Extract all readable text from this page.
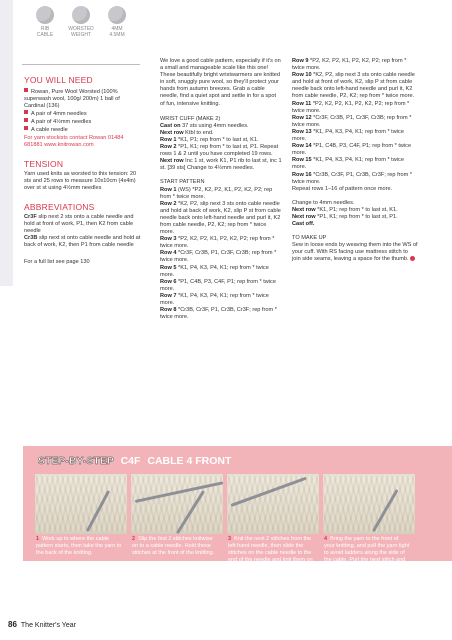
RIB
CABLE
WORSTED
WEIGHT
4MM
4.5MM
YOU WILL NEED
Rowan, Pure Wool Worsted (100% superwash wool, 100g/ 200m) 1 ball of Cardinal (136)
A pair of 4mm needles
A pair of 4½mm needles
A cable needle
For yarn stockists contact Rowan 01484 681881 www.knitrowan.com
TENSION
Yarn used knits as worsted to this tension: 20 sts and 25 rows to measure 10x10cm (4x4in) over st st using 4½mm needles
ABBREVIATIONS
Cr3F slip next 2 sts onto a cable needle and hold at front of work, P1, then K2 from cable needle
Cr3B slip next st onto cable needle and hold at back of work, K2, then P1 from cable needle
For a full list see page 130

We love a good cable pattern, especially if it's on a small and manageable scale like this one! These beautifully bright wristwarmers are knitted in soft, snuggly pure wool, so they'll protect your hands from autumn breezes. Grab a cable needle, find a quiet spot and settle in for a spot of fun, intensive knitting.

WRIST CUFF (MAKE 2)
Cast on 37 sts using 4mm needles.
Next row Ktbl to end.
Row 1 *K1, P1; rep from * to last st, K1.
Row 2 *P1, K1; rep from * to last st, P1. Repeat rows 1 & 2 until you have completed 19 rows.
Next row Inc 1 st, work K1, P1 rib to last st, inc 1 st. [39 sts] Change to 4½mm needles.
START PATTERN
Row 1 (WS) *P2, K2, P2, K1, P2, K2, P2; rep from * twice more.
Row 2 *K2, P2, slip next 3 sts onto cable needle and hold at back of work, K2, slip P st from cable needle back onto left-hand needle and purl it, K2 from cable needle, P2, K2; rep from * twice more.
Row 3 *P2, K2, P2, K1, P2, K2, P2; rep from * twice more.
Row 4 *Cr3F, Cr3B, P1, Cr3F, Cr3B; rep from * twice more.
Row 5 *K1, P4, K3, P4, K1; rep from * twice more.
Row 6 *P1, C4B, P3, C4F, P1; rep from * twice more.
Row 7 *K1, P4, K3, P4, K1; rep from * twice more.
Row 8 *Cr3B, Cr3F, P1, Cr3B, Cr3F; rep from * twice more.
Row 9 *P2, K2, P2, K1, P2, K2, P2; rep from * twice more.
Row 10 *K2, P2, slip next 3 sts onto cable needle and hold at front of work, K2, slip P st from cable needle back onto left-hand needle and purl it, K2 from cable needle, P2, K2; rep from * twice more.
Row 11 *P2, K2, P2, K1, P2, K2, P2; rep from * twice more.
Row 12 *Cr3F, Cr3B, P1, Cr3F, Cr3B; rep from * twice more.
Row 13 *K1, P4, K3, P4, K1; rep from * twice more.
Row 14 *P1, C4B, P3, C4F, P1; rep from * twice more.
Row 15 *K1, P4, K3, P4, K1; rep from * twice more.
Row 16 *Cr3B, Cr3F, P1, Cr3B, Cr3F; rep from * twice more.
Repeat rows 1–16 of pattern once more.
Change to 4mm needles.
Next row *K1, P1; rep from * to last st, K1.
Next row *P1, K1; rep from * to last st, P1.
Cast off.
TO MAKE UP
Sew in loose ends by weaving them into the WS of your cuff. With RS facing use mattress stitch to join side seams, leaving a space for the thumb.
STEP-BY-STEP C4F CABLE 4 FRONT
1 Work up to where the cable pattern starts, then take the yarn to the back of the knitting.
2 Slip the first 2 stitches knitwise on to a cable needle. Hold these stitches at the front of the knitting.
3 Knit the next 2 stitches from the left-hand needle, then slide the stitches on the cable needle to the end of the needle and knit them on to the right-hand needle.
4 Bring the yarn to the front of your knitting, and pull the yarn tight to avoid ladders along the side of the cable. Purl the next stitch and continue in the pattern.
86 The Knitter's Year
